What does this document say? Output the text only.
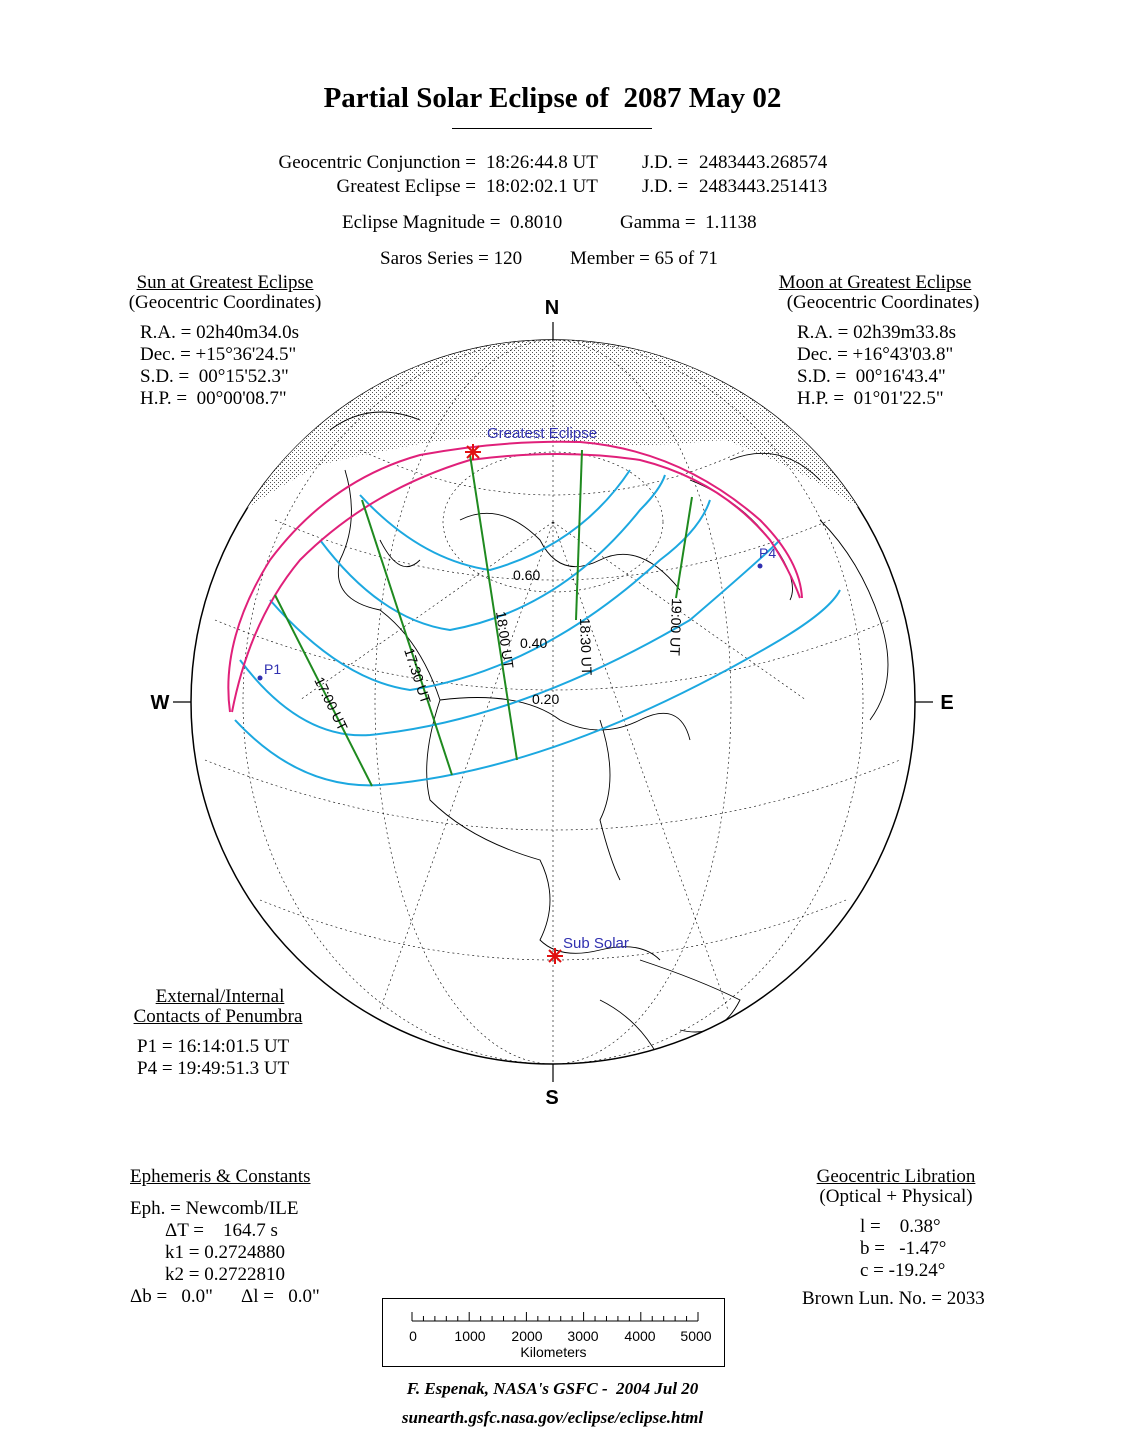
Partial Solar Eclipse of  2087 May 02
Geocentric Conjunction = 18:26:44.8 UT J.D. = 2483443.268574
Greatest Eclipse = 18:02:02.1 UT J.D. = 2483443.251413
Eclipse Magnitude =  0.8010	Gamma =  1.1138
Saros Series = 120	Member = 65 of 71
Sun at Greatest Eclipse
(Geocentric Coordinates)
R.A. = 02h40m34.0s
Dec. = +15°36'24.5"
S.D. =  00°15'52.3"
H.P. =  00°00'08.7"
Moon at Greatest Eclipse
(Geocentric Coordinates)
R.A. = 02h39m33.8s
Dec. = +16°43'03.8"
S.D. =  00°16'43.4"
H.P. =  01°01'22.5"
N
S
W	E
Greatest Eclipse
Sub Solar
P1
P4
0.60
0.40
0.20
17:00 UT	17:30 UT
18:00 UT	18:30 UT	19:00 UT
External/Internal
Contacts of Penumbra
P1 = 16:14:01.5 UT
P4 = 19:49:51.3 UT
Ephemeris & Constants
Eph. = Newcomb/ILE
ΔT =    164.7 s
k1 = 0.2724880
k2 = 0.2722810
Δb =   0.0" Δl =   0.0"
Geocentric Libration
(Optical + Physical)
l =    0.38°
b =   -1.47°
c = -19.24°
Brown Lun. No. = 2033
0	1000	2000	3000	4000	5000
Kilometers
F. Espenak, NASA's GSFC -  2004 Jul 20
sunearth.gsfc.nasa.gov/eclipse/eclipse.html
